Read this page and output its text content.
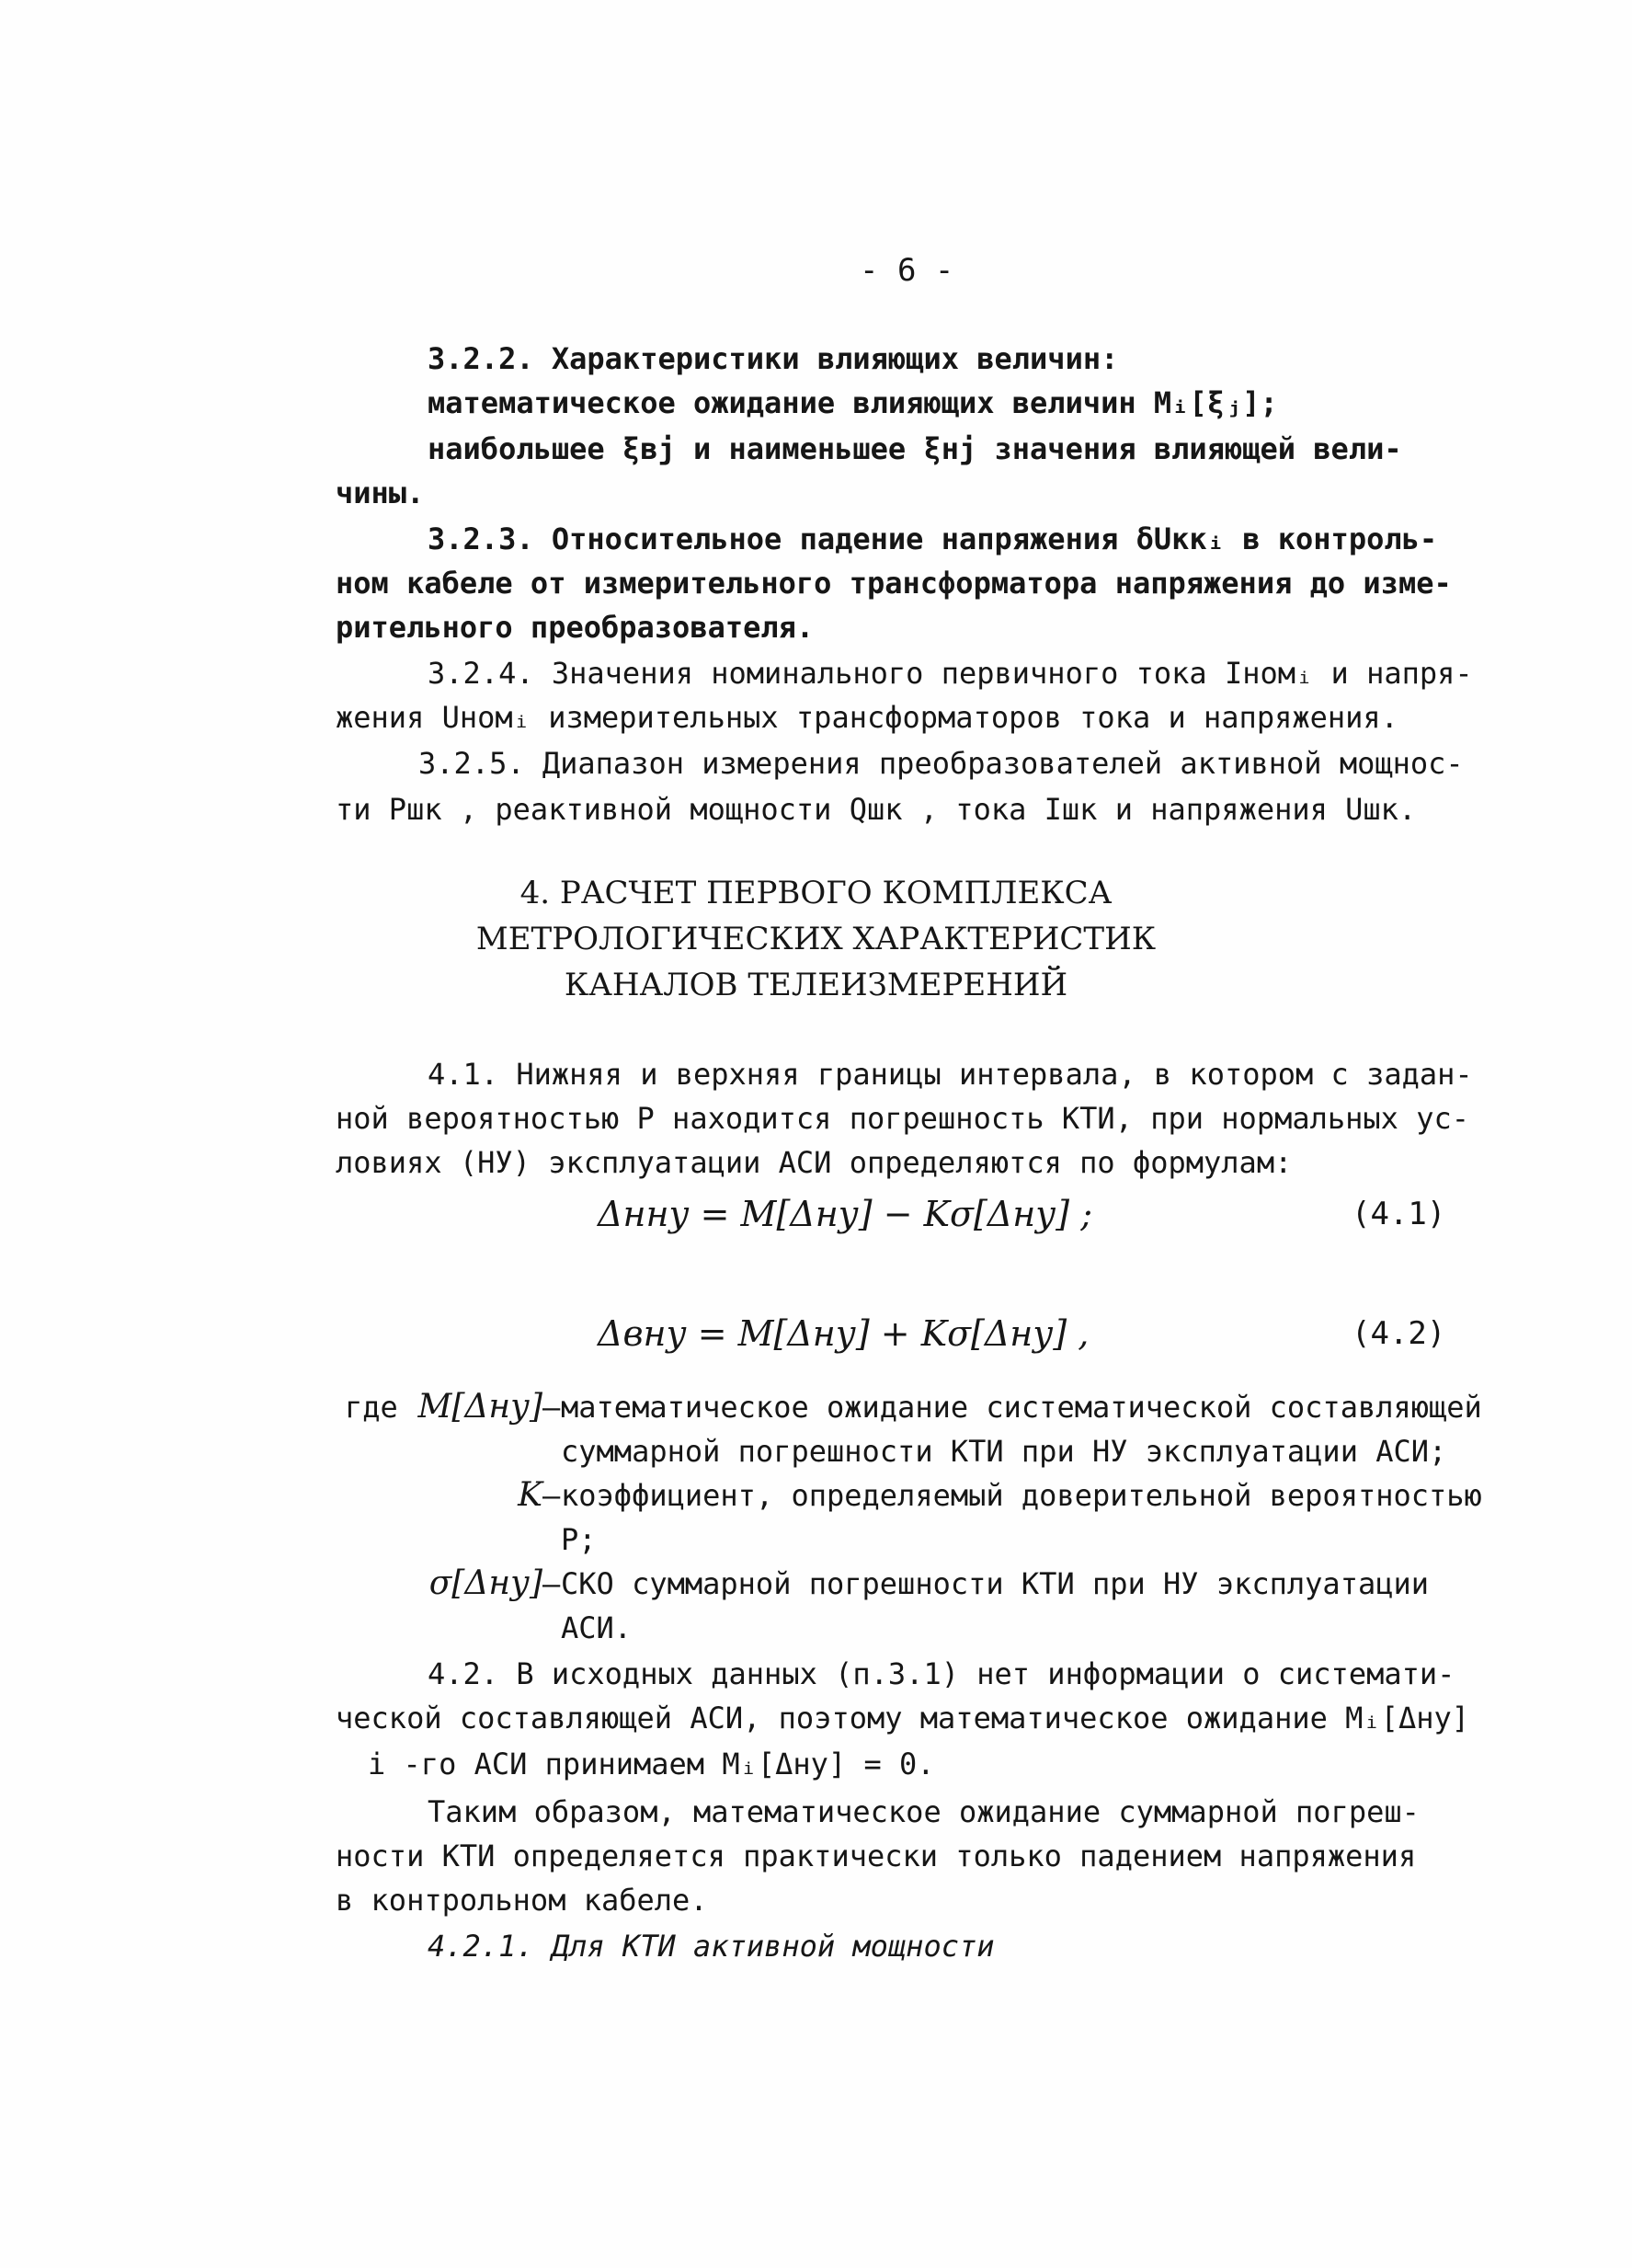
- 6 -
3.2.2. Характеристики влияющих величин:
математическое ожидание влияющих величин Mᵢ[ξⱼ];
наибольшее ξвj и наименьшее ξнj значения влияющей вели-
чины.
3.2.3. Относительное падение напряжения δUккᵢ в контроль-
ном кабеле от измерительного трансформатора напряжения до изме-
рительного преобразователя.
3.2.4. Значения номинального первичного тока Iномᵢ и напря-
жения Uномᵢ измерительных трансформаторов тока и напряжения.
3.2.5. Диапазон измерения преобразователей активной мощнос-
ти Pшк , реактивной мощности Qшк , тока Iшк и напряжения Uшк.
4. РАСЧЕТ ПЕРВОГО КОМПЛЕКСА
МЕТРОЛОГИЧЕСКИХ ХАРАКТЕРИСТИК
КАНАЛОВ ТЕЛЕИЗМЕРЕНИЙ
4.1. Нижняя и верхняя границы интервала, в котором с задан-
ной вероятностью Р находится погрешность КТИ, при нормальных ус-
ловиях (НУ) эксплуатации АСИ определяются по формулам:
Δнну = M[Δну] − Kσ[Δну] ;	(4.1)
Δвну = M[Δну] + Kσ[Δну] ,	(4.2)
где M[Δну] – математическое ожидание систематической составляющей
суммарной погрешности КТИ при НУ эксплуатации АСИ;
K – коэффициент, определяемый доверительной вероятностью
P;
σ[Δну] – СКО суммарной погрешности КТИ при НУ эксплуатации
АСИ.
4.2. В исходных данных (п.3.1) нет информации о системати-
ческой составляющей АСИ, поэтому математическое ожидание Mᵢ[Δну]
i -го АСИ принимаем Mᵢ[Δну] = 0.
Таким образом, математическое ожидание суммарной погреш-
ности КТИ определяется практически только падением напряжения
в контрольном кабеле.
4.2.1. Для КТИ активной мощности
